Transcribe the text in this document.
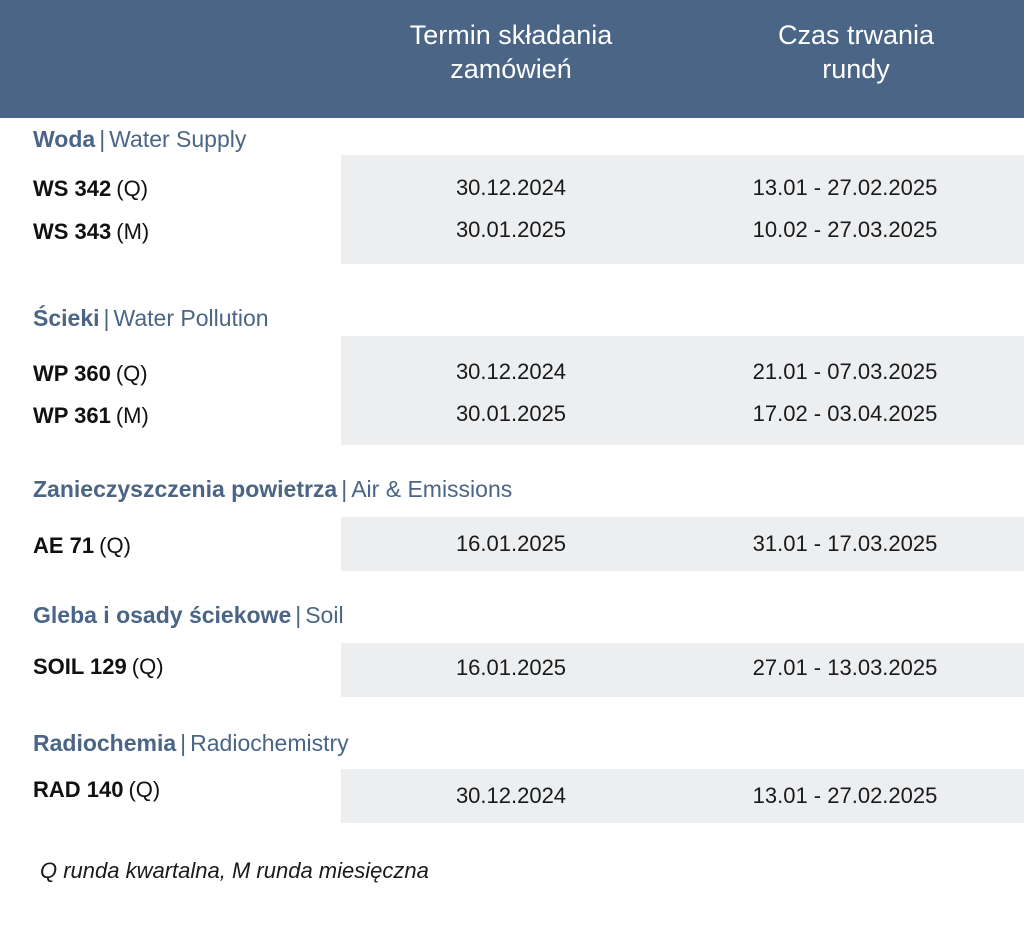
Termin składania
zamówień
Czas trwania
rundy
Woda | Water Supply
WS 342 (Q)	30.12.2024	13.01 - 27.02.2025
WS 343 (M)	30.01.2025	10.02 - 27.03.2025
Ścieki | Water Pollution
WP 360 (Q)	30.12.2024	21.01 - 07.03.2025
WP 361 (M)	30.01.2025	17.02 - 03.04.2025
Zanieczyszczenia powietrza | Air & Emissions
AE 71 (Q)	16.01.2025	31.01 - 17.03.2025
Gleba i osady ściekowe | Soil
SOIL 129 (Q)	16.01.2025	27.01 - 13.03.2025
Radiochemia | Radiochemistry
RAD 140 (Q)	30.12.2024	13.01 - 27.02.2025
Q runda kwartalna, M runda miesięczna
